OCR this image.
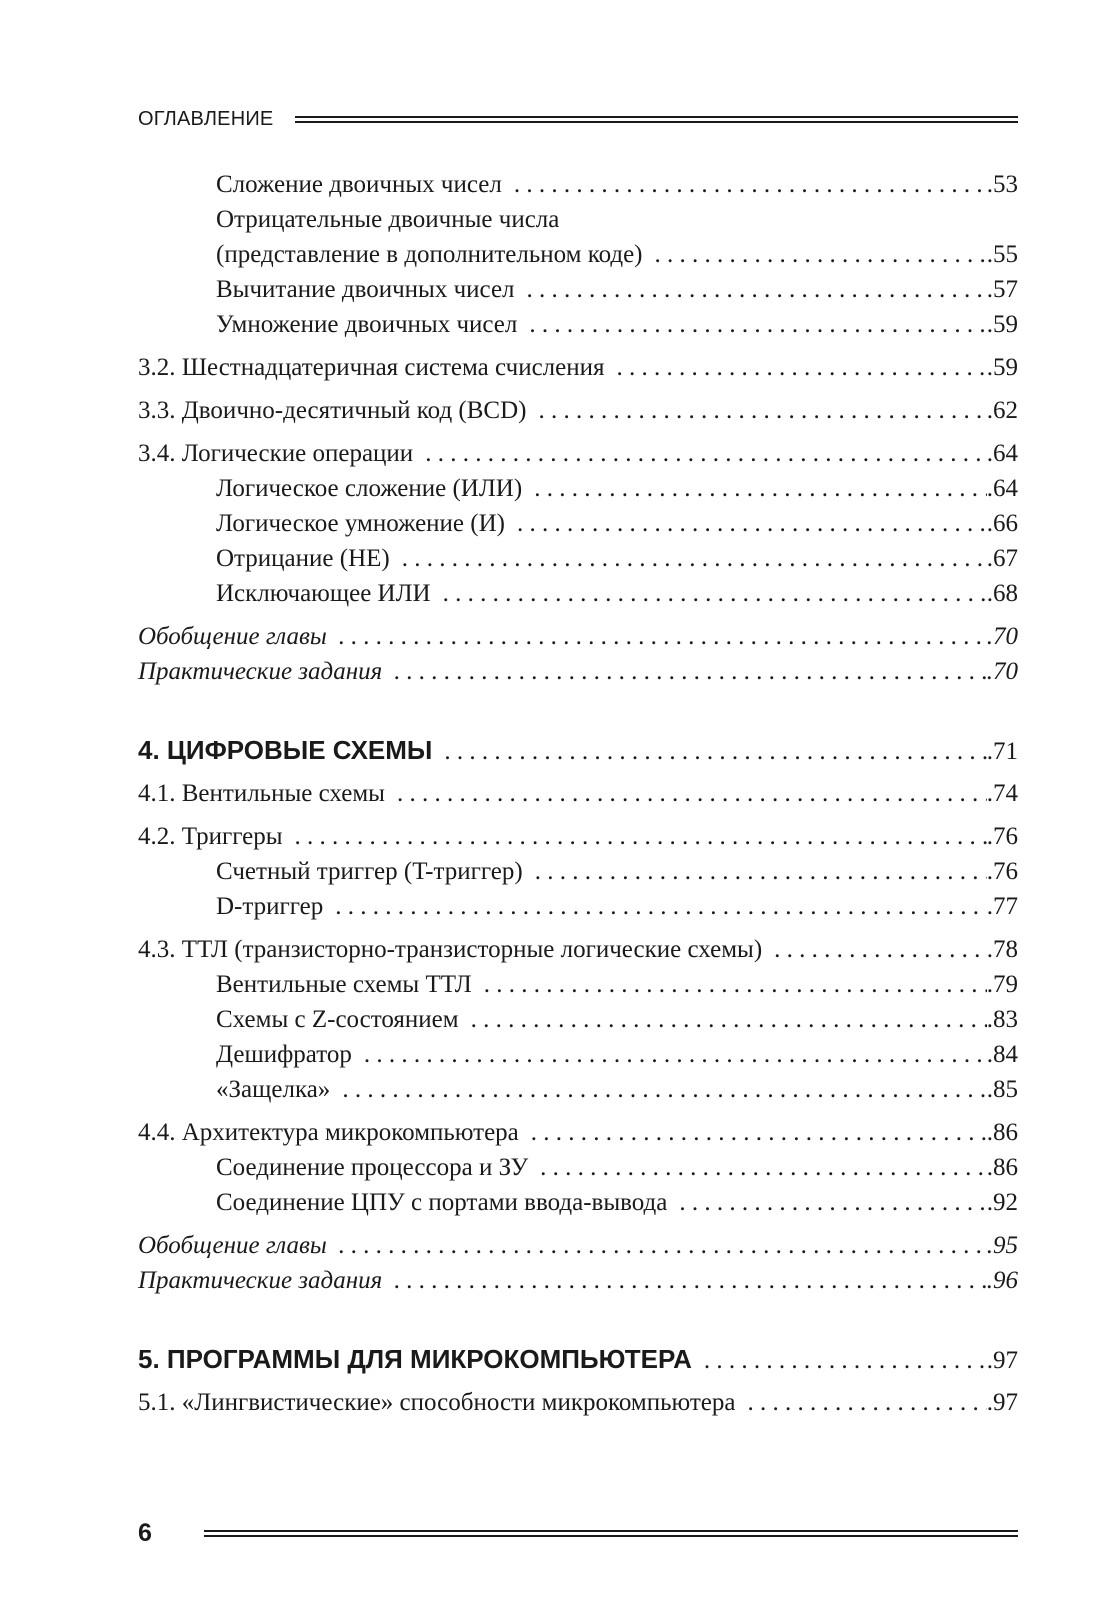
ОГЛАВЛЕНИЕ
Сложение двоичных чисел . . .	.53
Отрицательные двоичные числа
(представление в дополнительном коде) . . .	.55
Вычитание двоичных чисел . . .	.57
Умножение двоичных чисел . . .	.59
3.2. Шестнадцатеричная система счисления . . .	.59
3.3. Двоично-десятичный код (BCD) . . .	.62
3.4. Логические операции . . .	.64
Логическое сложение (ИЛИ) . . .	.64
Логическое умножение (И) . . .	.66
Отрицание (НЕ) . . .	.67
Исключающее ИЛИ . . .	.68
Обобщение главы . . .	.70
Практические задания . . .	.70
4. ЦИФРОВЫЕ СХЕМЫ . . .	.71
4.1. Вентильные схемы . . .	.74
4.2. Триггеры . . .	.76
Счетный триггер (T-триггер) . . .	.76
D-триггер . . .	.77
4.3. ТТЛ (транзисторно-транзисторные логические схемы) . . .	.78
Вентильные схемы ТТЛ . . .	.79
Схемы с Z-состоянием . . .	.83
Дешифратор . . .	.84
«Защелка» . . .	.85
4.4. Архитектура микрокомпьютера . . .	.86
Соединение процессора и ЗУ . . .	.86
Соединение ЦПУ с портами ввода-вывода . . .	.92
Обобщение главы . . .	.95
Практические задания . . .	.96
5. ПРОГРАММЫ ДЛЯ МИКРОКОМПЬЮТЕРА . . .	.97
5.1. «Лингвистические» способности микрокомпьютера . . .	.97
6
